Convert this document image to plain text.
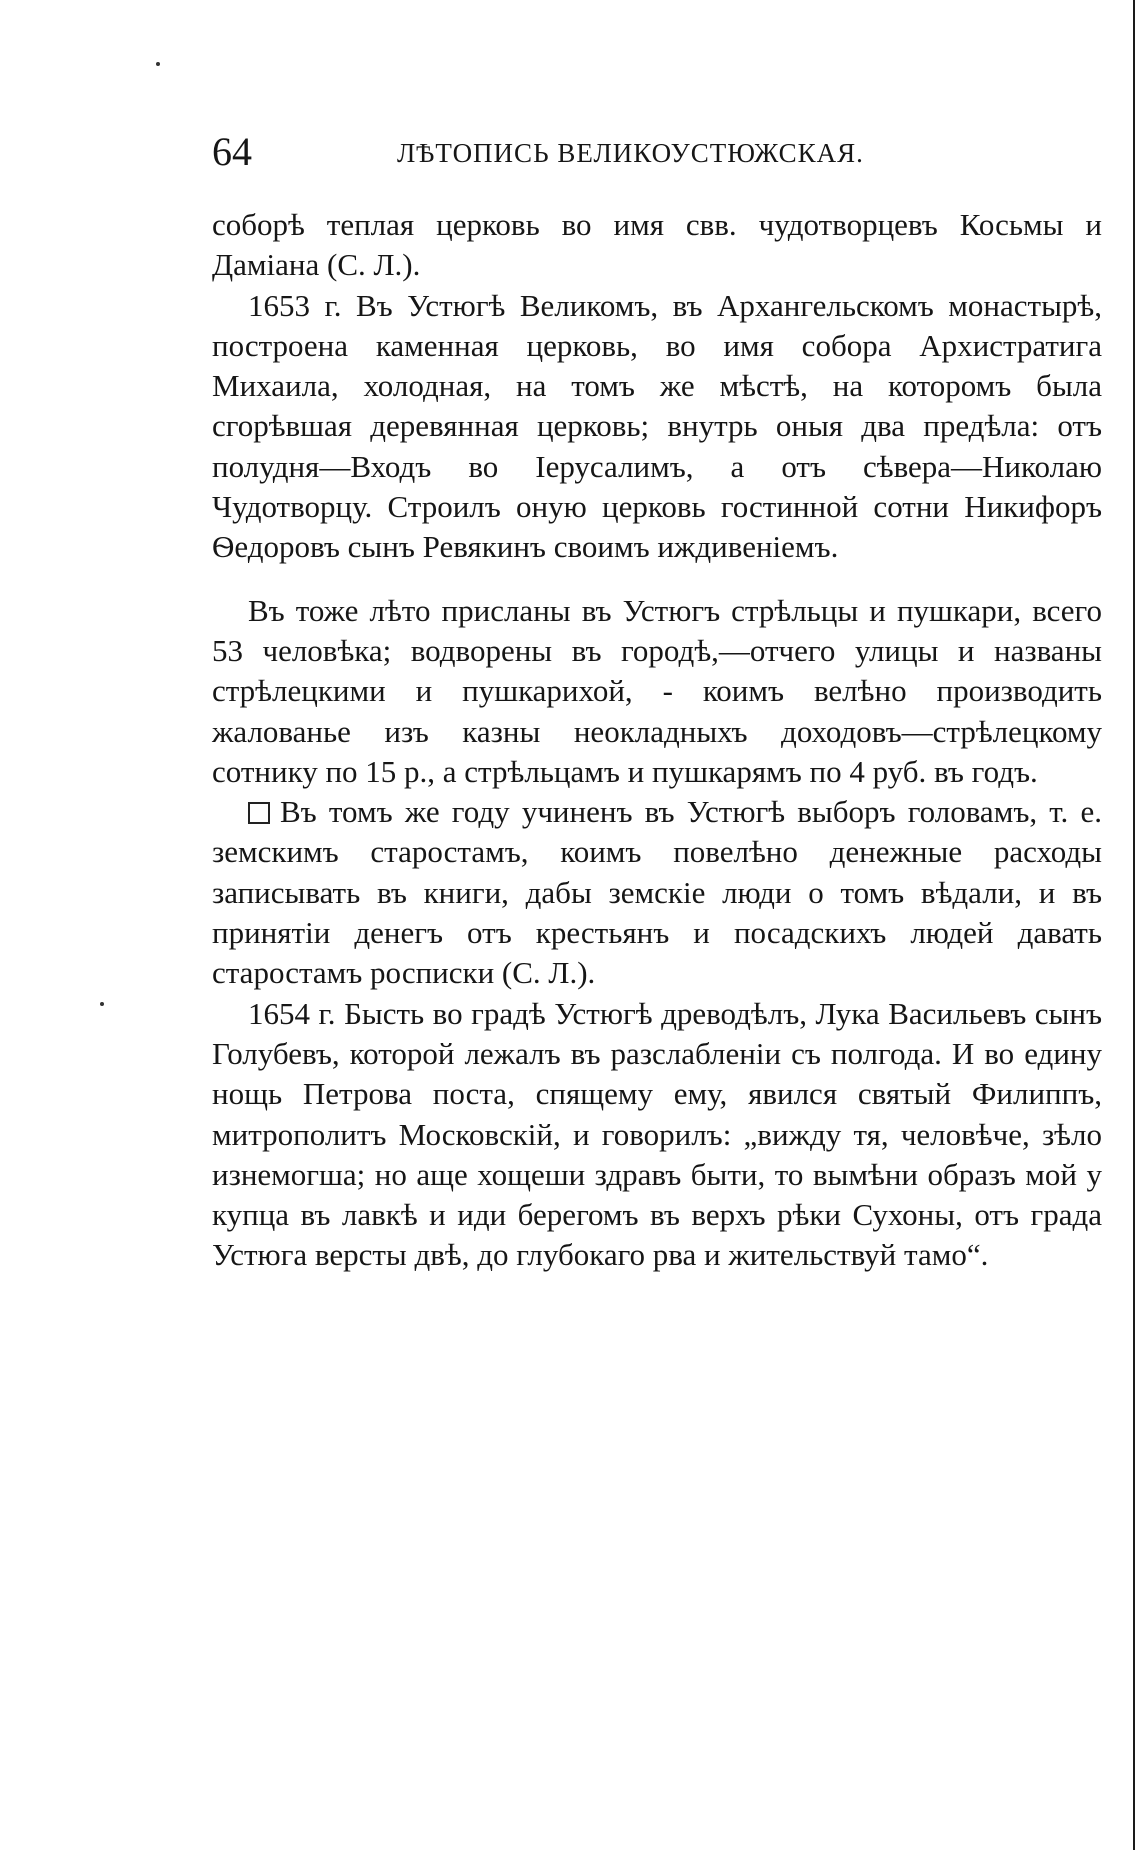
64	ЛѢТОПИСЬ ВЕЛИКОУСТЮЖСКАЯ.

соборѣ теплая церковь во имя свв. чудотворцевъ Косьмы и Даміана (С. Л.).

1653 г. Въ Устюгѣ Великомъ, въ Архангельскомъ монастырѣ, построена каменная церковь, во имя собора Архистратига Михаила, холодная, на томъ же мѣстѣ, на которомъ была сгорѣвшая деревянная церковь; внутрь оныя два предѣла: отъ полудня—Входъ во Іерусалимъ, а отъ сѣвера—Николаю Чудотворцу. Строилъ оную церковь гостинной сотни Никифоръ Ѳедоровъ сынъ Ревякинъ своимъ иждивеніемъ.

Въ тоже лѣто присланы въ Устюгъ стрѣльцы и пушкари, всего 53 человѣка; водворены въ городѣ,—отчего улицы и названы стрѣлецкими и пушкарихой, - коимъ велѣно производить жалованье изъ казны неокладныхъ доходовъ—стрѣлецкому сотнику по 15 р., а стрѣльцамъ и пушкарямъ по 4 руб. въ годъ.

Въ томъ же году учиненъ въ Устюгѣ выборъ головамъ, т. е. земскимъ старостамъ, коимъ повелѣно денежные расходы записывать въ книги, дабы земскіе люди о томъ вѣдали, и въ принятіи денегъ отъ крестьянъ и посадскихъ людей давать старостамъ росписки (С. Л.).

1654 г. Бысть во градѣ Устюгѣ древодѣлъ, Лука Васильевъ сынъ Голубевъ, которой лежалъ въ разслабленіи съ полгода. И во едину нощь Петрова поста, спящему ему, явился святый Филиппъ, митрополитъ Московскій, и говорилъ: „вижду тя, человѣче, зѣло изнемогша; но аще хощеши здравъ быти, то вымѣни образъ мой у купца въ лавкѣ и иди берегомъ въ верхъ рѣки Сухоны, отъ града Устюга версты двѣ, до глубокаго рва и жительствуй тамо“.
